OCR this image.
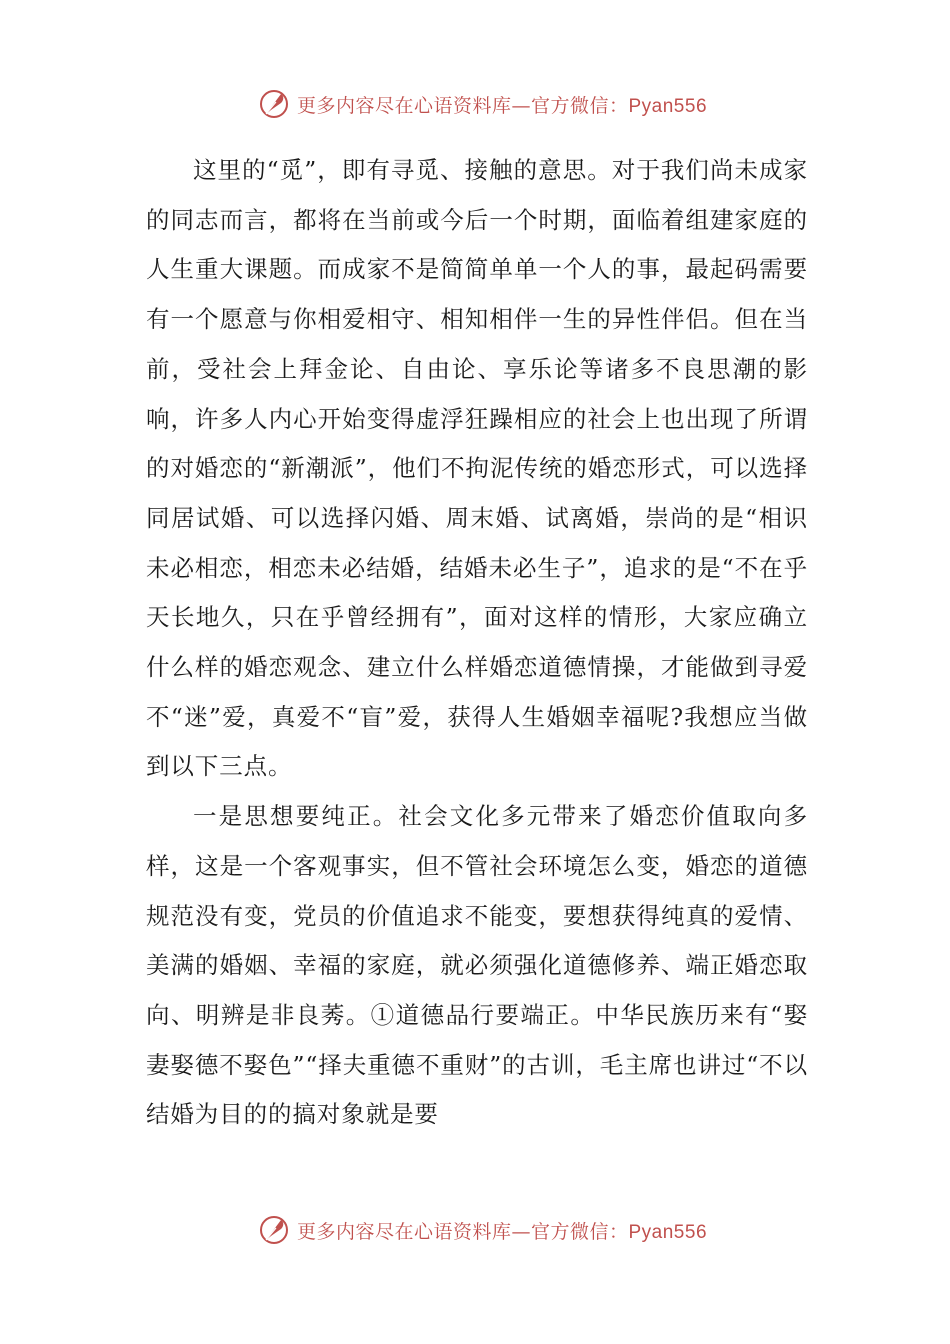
更多内容尽在心语资料库—官方微信：Pyan556

这里的“觅”，即有寻觅、接触的意思。对于我们尚未成家的同志而言，都将在当前或今后一个时期，面临着组建家庭的人生重大课题。而成家不是简简单单一个人的事，最起码需要有一个愿意与你相爱相守、相知相伴一生的异性伴侣。但在当前，受社会上拜金论、自由论、享乐论等诸多不良思潮的影响，许多人内心开始变得虚浮狂躁相应的社会上也出现了所谓的对婚恋的“新潮派”，他们不拘泥传统的婚恋形式，可以选择同居试婚、可以选择闪婚、周末婚、试离婚，崇尚的是“相识未必相恋，相恋未必结婚，结婚未必生子”，追求的是“不在乎天长地久，只在乎曾经拥有”，面对这样的情形，大家应确立什么样的婚恋观念、建立什么样婚恋道德情操，才能做到寻爱不“迷”爱，真爱不“盲”爱，获得人生婚姻幸福呢?我想应当做到以下三点。

一是思想要纯正。社会文化多元带来了婚恋价值取向多样，这是一个客观事实，但不管社会环境怎么变，婚恋的道德规范没有变，党员的价值追求不能变，要想获得纯真的爱情、美满的婚姻、幸福的家庭，就必须强化道德修养、端正婚恋取向、明辨是非良莠。①道德品行要端正。中华民族历来有“娶妻娶德不娶色”“择夫重德不重财”的古训，毛主席也讲过“不以结婚为目的的搞对象就是要

更多内容尽在心语资料库—官方微信：Pyan556
